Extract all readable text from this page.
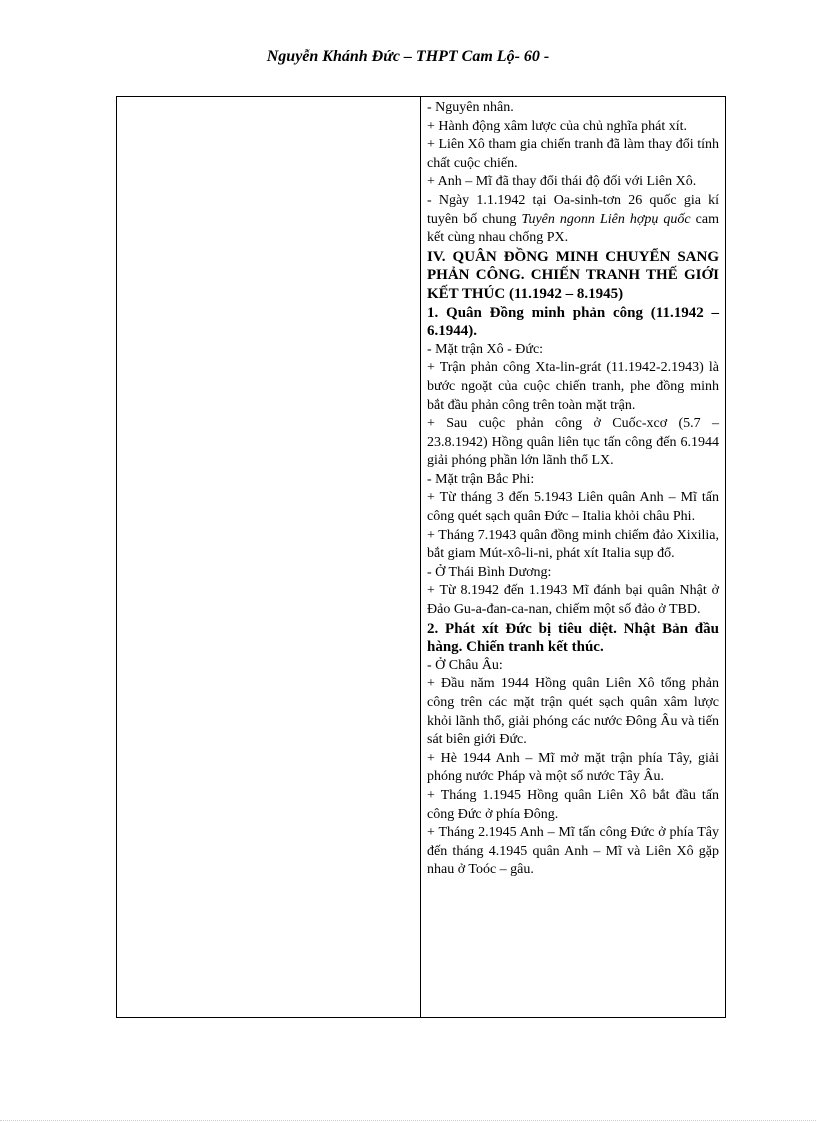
Nguyễn Khánh Đức – THPT Cam Lộ- 60 -

- Nguyên nhân.

+ Hành động xâm lược của chủ nghĩa phát xít.

+ Liên Xô tham gia chiến tranh đã làm thay đổi tính chất cuộc chiến.

+ Anh – Mĩ đã thay đổi thái độ đối với Liên Xô.

- Ngày 1.1.1942 tại Oa-sinh-tơn 26 quốc gia kí tuyên bố chung Tuyên ngonn Liên hợpụ quốc cam kết cùng nhau chống PX.

IV. QUÂN ĐỒNG MINH CHUYỂN SANG PHẢN CÔNG. CHIẾN TRANH THẾ GIỚI KẾT THÚC (11.1942 – 8.1945)

1. Quân Đồng minh phản công (11.1942 – 6.1944).

- Mặt trận Xô - Đức:

+ Trận phản công Xta-lin-grát (11.1942-2.1943) là bước ngoặt của cuộc chiến tranh, phe đồng minh bắt đầu phản công trên toàn mặt trận.

+ Sau cuộc phản công ở Cuốc-xcơ (5.7 – 23.8.1942) Hồng quân liên tục tấn công đến 6.1944 giải phóng phần lớn lãnh thổ LX.

- Mặt trận Bắc Phi:

+ Từ tháng 3 đến 5.1943 Liên quân Anh – Mĩ tấn công quét sạch quân Đức – Italia khỏi châu Phi.

+ Tháng 7.1943 quân đồng minh chiếm đảo Xixilia, bắt giam Mút-xô-li-ni, phát xít Italia sụp đổ.

- Ở Thái Bình Dương:

+ Từ 8.1942 đến 1.1943 Mĩ đánh bại quân Nhật ở Đảo Gu-a-đan-ca-nan, chiếm một số đảo ở TBD.

2. Phát xít Đức bị tiêu diệt. Nhật Bản đầu hàng. Chiến tranh kết thúc.

- Ở Châu Âu:

+ Đầu năm 1944 Hồng quân Liên Xô tổng phản công trên các mặt trận quét sạch quân xâm lược khỏi lãnh thổ, giải phóng các nước Đông Âu và tiến sát biên giới Đức.

+ Hè 1944 Anh – Mĩ mở mặt trận phía Tây, giải phóng nước Pháp và một số nước Tây Âu.

+ Tháng 1.1945 Hồng quân Liên Xô bắt đầu tấn công Đức ở phía Đông.

+ Tháng 2.1945 Anh – Mĩ tấn công Đức ở phía Tây đến tháng 4.1945 quân Anh – Mĩ và Liên Xô gặp nhau ở Toóc – gâu.
